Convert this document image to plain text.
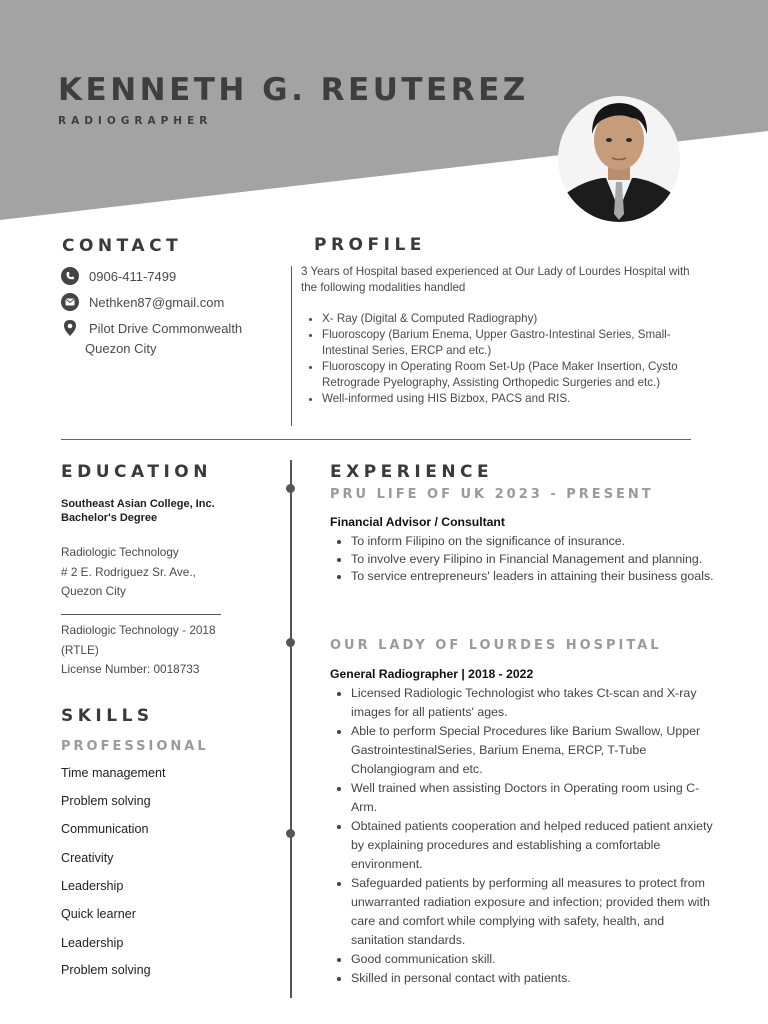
KENNETH G. REUTEREZ
RADIOGRAPHER
CONTACT
0906-411-7499
Nethken87@gmail.com
Pilot Drive Commonwealth
Quezon City
PROFILE

3 Years of Hospital based experienced at Our Lady of Lourdes Hospital with the following modalities handled

• X- Ray (Digital & Computed Radiography)
• Fluoroscopy (Barium Enema, Upper Gastro-Intestinal Series, Small-Intestinal Series, ERCP and etc.)
• Fluoroscopy in Operating Room Set-Up (Pace Maker Insertion, Cysto Retrograde Pyelography, Assisting Orthopedic Surgeries and etc.)
• Well-informed using HIS Bizbox, PACS and RIS.
EDUCATION
Southeast Asian College, Inc.
Bachelor's Degree
Radiologic Technology
# 2 E. Rodriguez Sr. Ave.,
Quezon City
Radiologic Technology - 2018
(RTLE)
License Number: 0018733
SKILLS
PROFESSIONAL
Time management
Problem solving
Communication
Creativity
Leadership
Quick learner
Leadership
Problem solving
EXPERIENCE
PRU LIFE OF UK 2023 - PRESENT
Financial Advisor / Consultant
• To inform Filipino on the significance of insurance.
• To involve every Filipino in Financial Management and planning.
• To service entrepreneurs' leaders in attaining their business goals.
OUR LADY OF LOURDES HOSPITAL
General Radiographer | 2018 - 2022
• Licensed Radiologic Technologist who takes Ct-scan and X-ray images for all patients' ages.
• Able to perform Special Procedures like Barium Swallow, Upper GastrointestinalSeries, Barium Enema, ERCP, T-Tube Cholangiogram and etc.
• Well trained when assisting Doctors in Operating room using C-Arm.
• Obtained patients cooperation and helped reduced patient anxiety by explaining procedures and establishing a comfortable environment.
• Safeguarded patients by performing all measures to protect from unwarranted radiation exposure and infection; provided them with care and comfort while complying with safety, health, and sanitation standards.
• Good communication skill.
• Skilled in personal contact with patients.
